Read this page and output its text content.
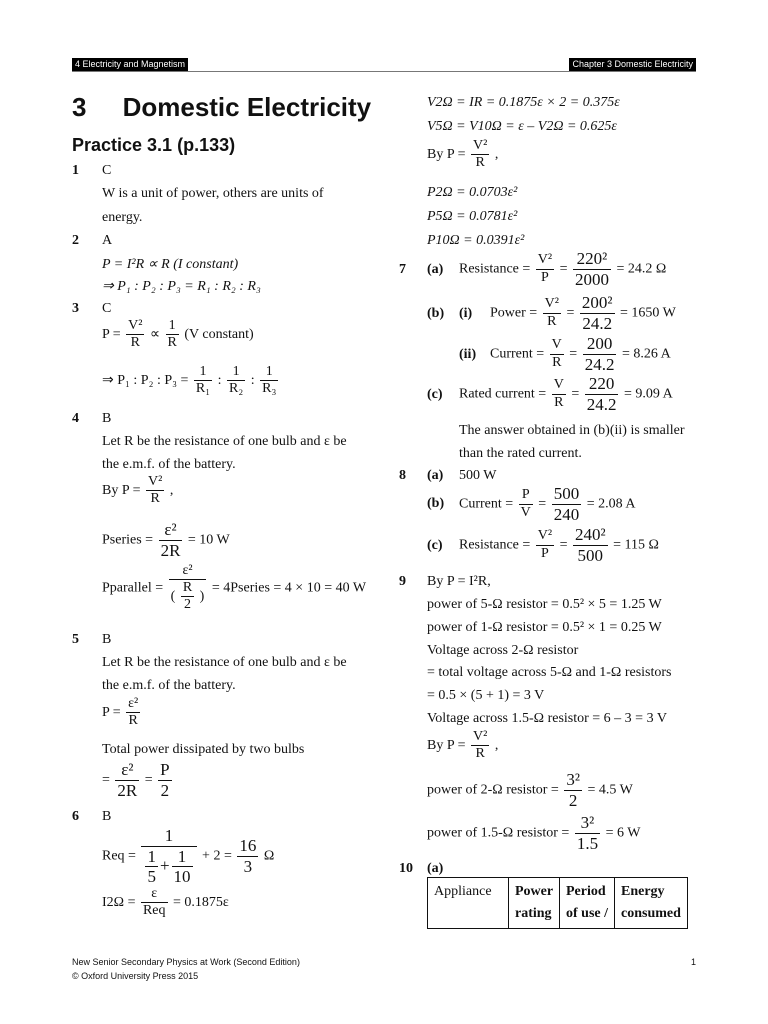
4 Electricity and Magnetism	Chapter 3 Domestic Electricity
3     Domestic Electricity
Practice 3.1 (p.133)
1 C
W is a unit of power, others are units of
energy.
2 A
P = I²R ∝ R (I constant)
⇒ P₁ : P₂ : P₃ = R₁ : R₂ : R₃
3 C
$P = \frac{\text{V²}}{R} \propto \frac{1}{R} (V$ constant)
⇒ P₁ : P₂ : $P_3 = \frac{1}{\text{R₁}}$ : $\frac{1}{\text{R₂}}$ : $\frac{1}{\text{R₃}}$
4 B
Let R be the resistance of one bulb and ε be
the e.m.f. of the battery.
By $P = \frac{\text{V²}}{R}$ ,
Pseries = $\frac{\text{ε²}}{2R} = 10$ W
Pparallel = $\frac{\text{ε²}}{( \frac{R}{2} )}$ = 4Pseries = 4 × 10 = 40 W
5 B
Let R be the resistance of one bulb and ε be
the e.m.f. of the battery.
$P = \frac{\text{ε²}}{R}$
Total power dissipated by two bulbs
= $\frac{\text{ε²}}{2R} = \frac{P}{2}$
6 B
Req = $\frac{1}{\frac{1}{5} + \frac{1}{10}} + 2 = \frac{16}{3}$ Ω
$I2\Omega = \frac{\varepsilon}{\text{Req}} = 0.1875\varepsilon$
V2Ω = IR = 0.1875ε × 2 = 0.375ε
V5Ω = V10Ω = ε – V2Ω = 0.625ε
By $P = \frac{\text{V²}}{R}$ ,
P2Ω = 0.0703ε²
P5Ω = 0.0781ε²
P10Ω = 0.0391ε²
7 (a) Resistance = $\frac{\text{V²}}{P} = \frac{\text{220²}}{2000} = 24.2$ Ω
(b) (i) Power = $\frac{\text{V²}}{R} = \frac{\text{200²}}{24.2} = 1650$ W
(ii) Current = $\frac{V}{R} = \frac{200}{24.2} = 8.26$ A
(c) Rated current = $\frac{V}{R} = \frac{220}{24.2} = 9.09$ A
The answer obtained in (b)(ii) is smaller
than the rated current.
8 (a) 500 W
(b) Current = $\frac{P}{V} = \frac{500}{240} = 2.08$ A
(c) Resistance = $\frac{\text{V²}}{P} = \frac{\text{240²}}{500} = 115$ Ω
9 By P = I²R,
power of 5-Ω resistor = 0.5² × 5 = 1.25 W
power of 1-Ω resistor = 0.5² × 1 = 0.25 W
Voltage across 2-Ω resistor
= total voltage across 5-Ω and 1-Ω resistors
= 0.5 × (5 + 1) = 3 V
Voltage across 1.5-Ω resistor = 6 – 3 = 3 V
By $P = \frac{\text{V²}}{R}$ ,
power of 2-Ω resistor = $\frac{\text{3²}}{2} = 4.5$ W
power of 1.5-Ω resistor = $\frac{\text{3²}}{1.5} = 6$ W
10 (a)
Appliance	Power rating	Period of use /	Energy consumed
New Senior Secondary Physics at Work (Second Edition)
© Oxford University Press 2015
1
